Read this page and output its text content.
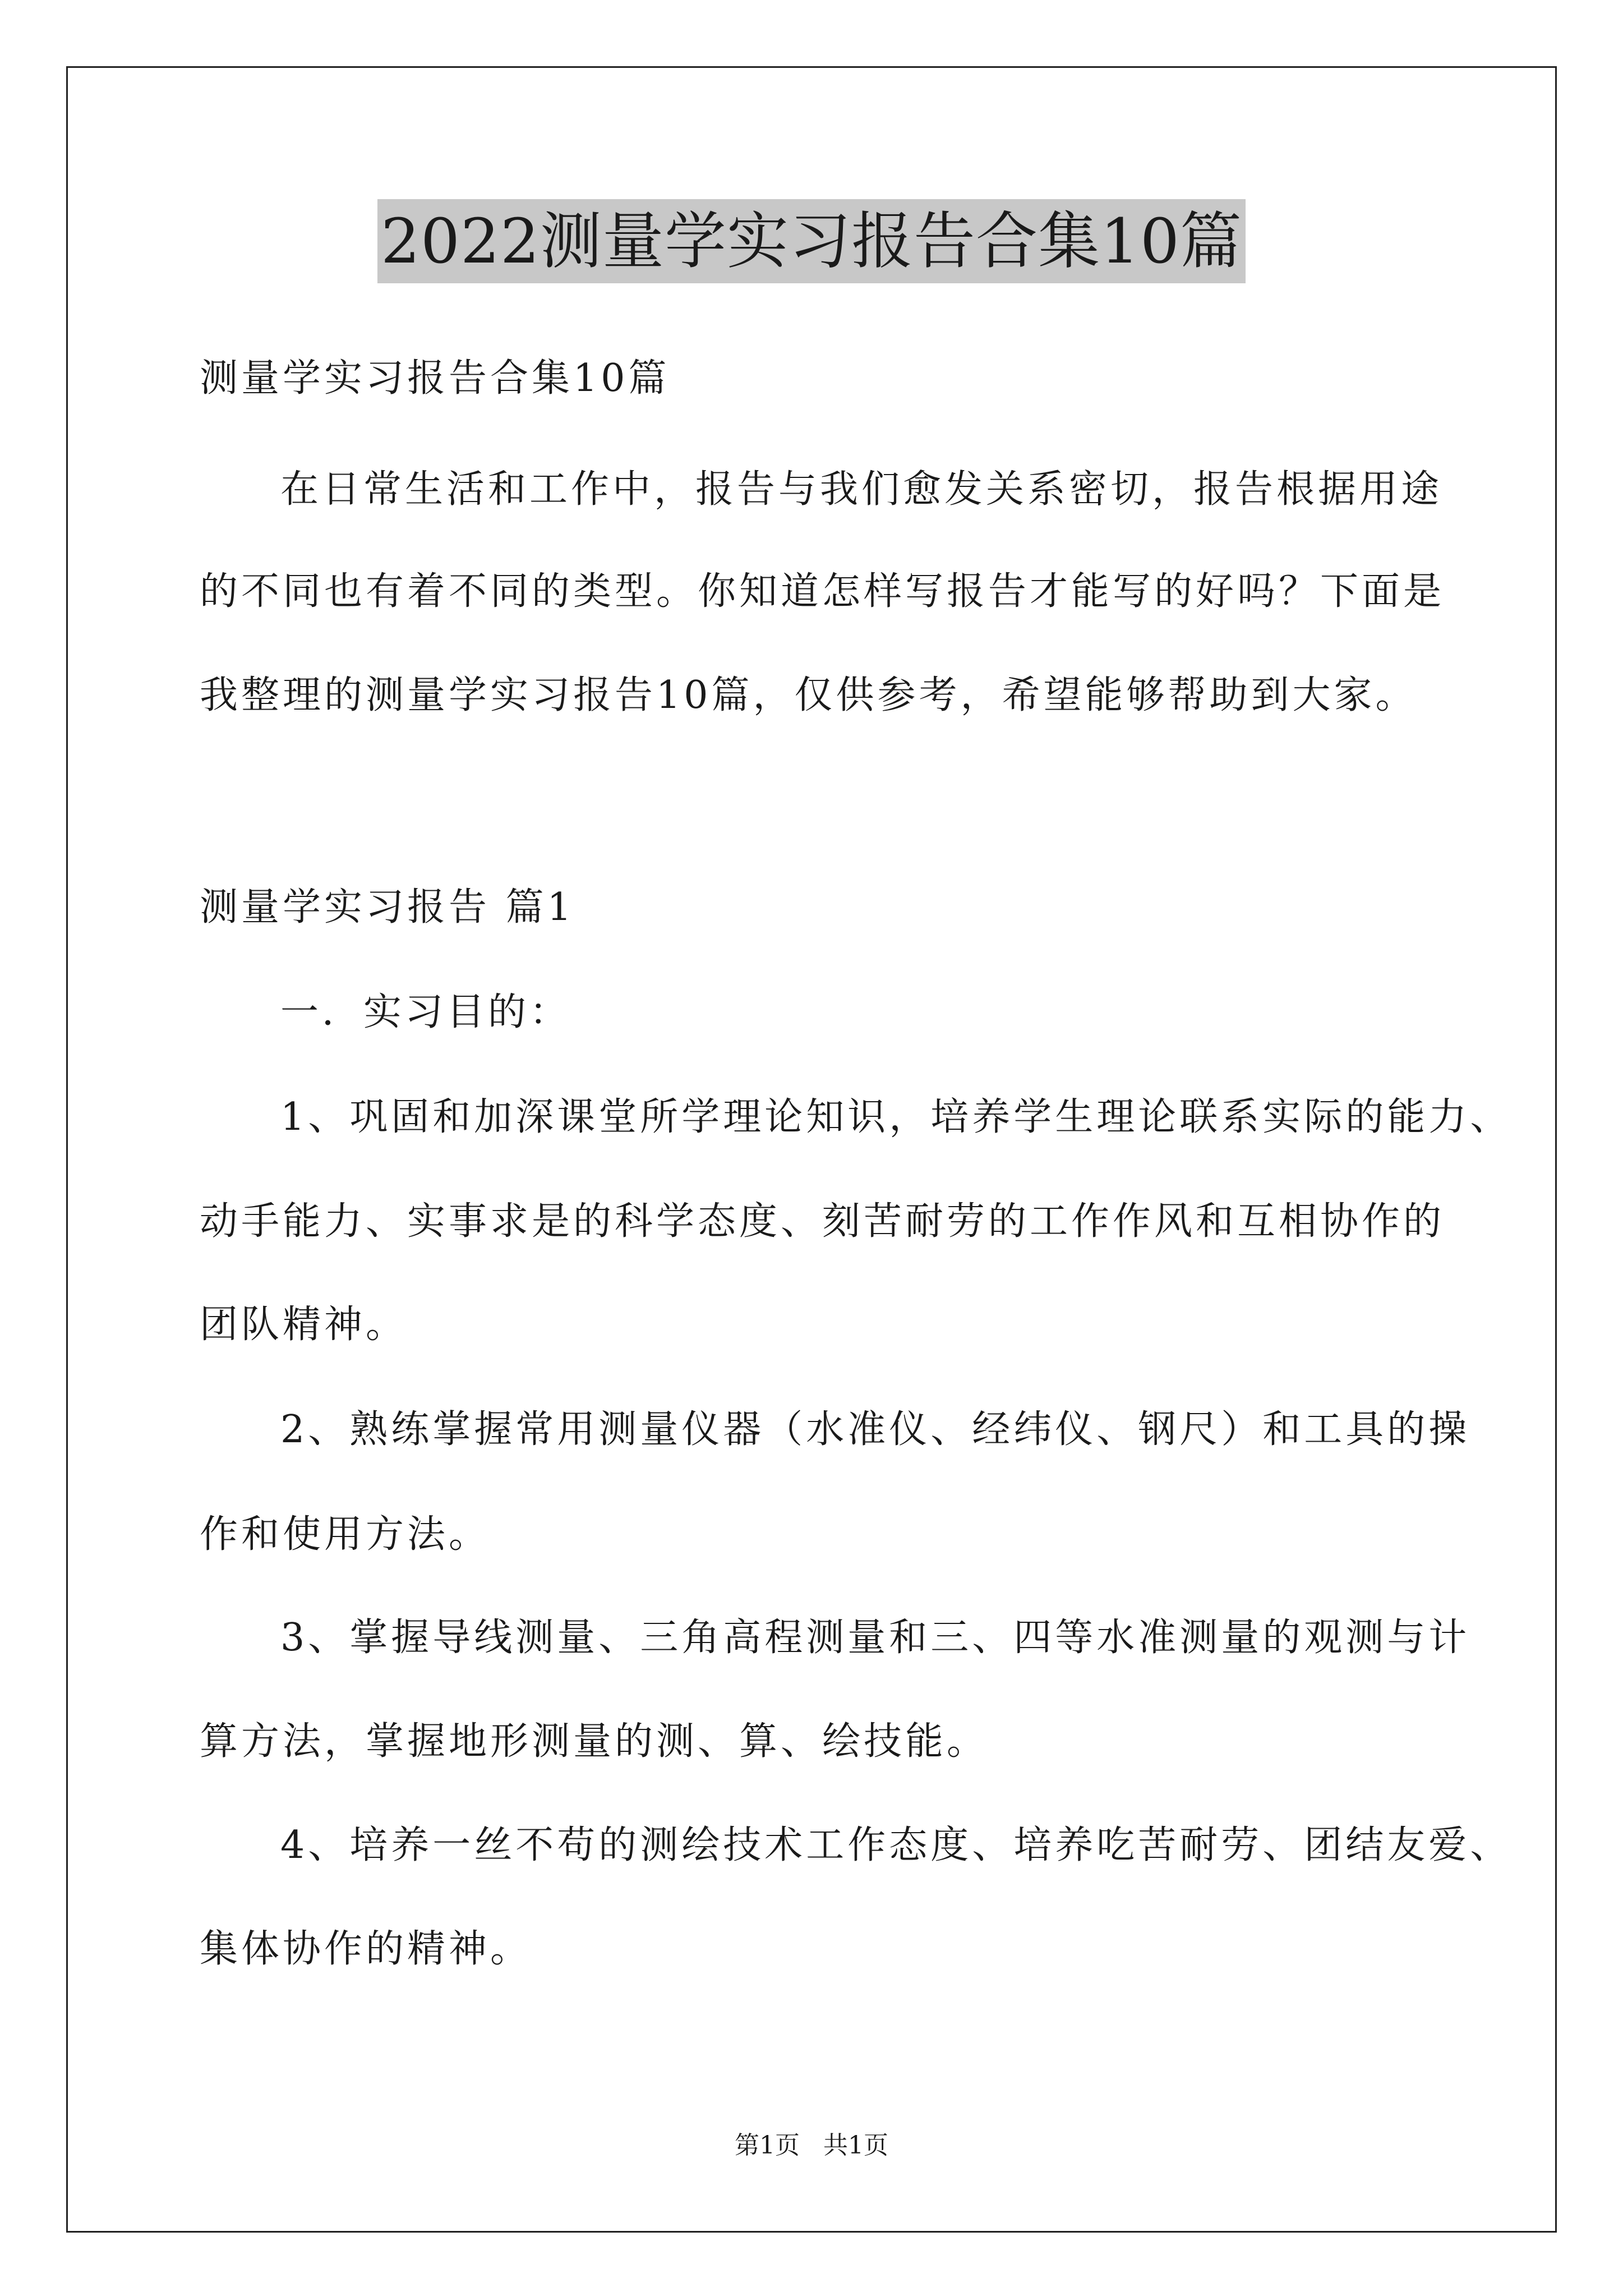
2022测量学实习报告合集10篇
测量学实习报告合集10篇
在日常生活和工作中，报告与我们愈发关系密切，报告根据用途
的不同也有着不同的类型。你知道怎样写报告才能写的好吗？下面是
我整理的测量学实习报告10篇，仅供参考，希望能够帮助到大家。
测量学实习报告 篇1
一．实习目的：
1、巩固和加深课堂所学理论知识，培养学生理论联系实际的能力、
动手能力、实事求是的科学态度、刻苦耐劳的工作作风和互相协作的
团队精神。
2、熟练掌握常用测量仪器（水准仪、经纬仪、钢尺）和工具的操
作和使用方法。
3、掌握导线测量、三角高程测量和三、四等水准测量的观测与计
算方法，掌握地形测量的测、算、绘技能。
4、培养一丝不苟的测绘技术工作态度、培养吃苦耐劳、团结友爱、
集体协作的精神。
第1页   共1页
